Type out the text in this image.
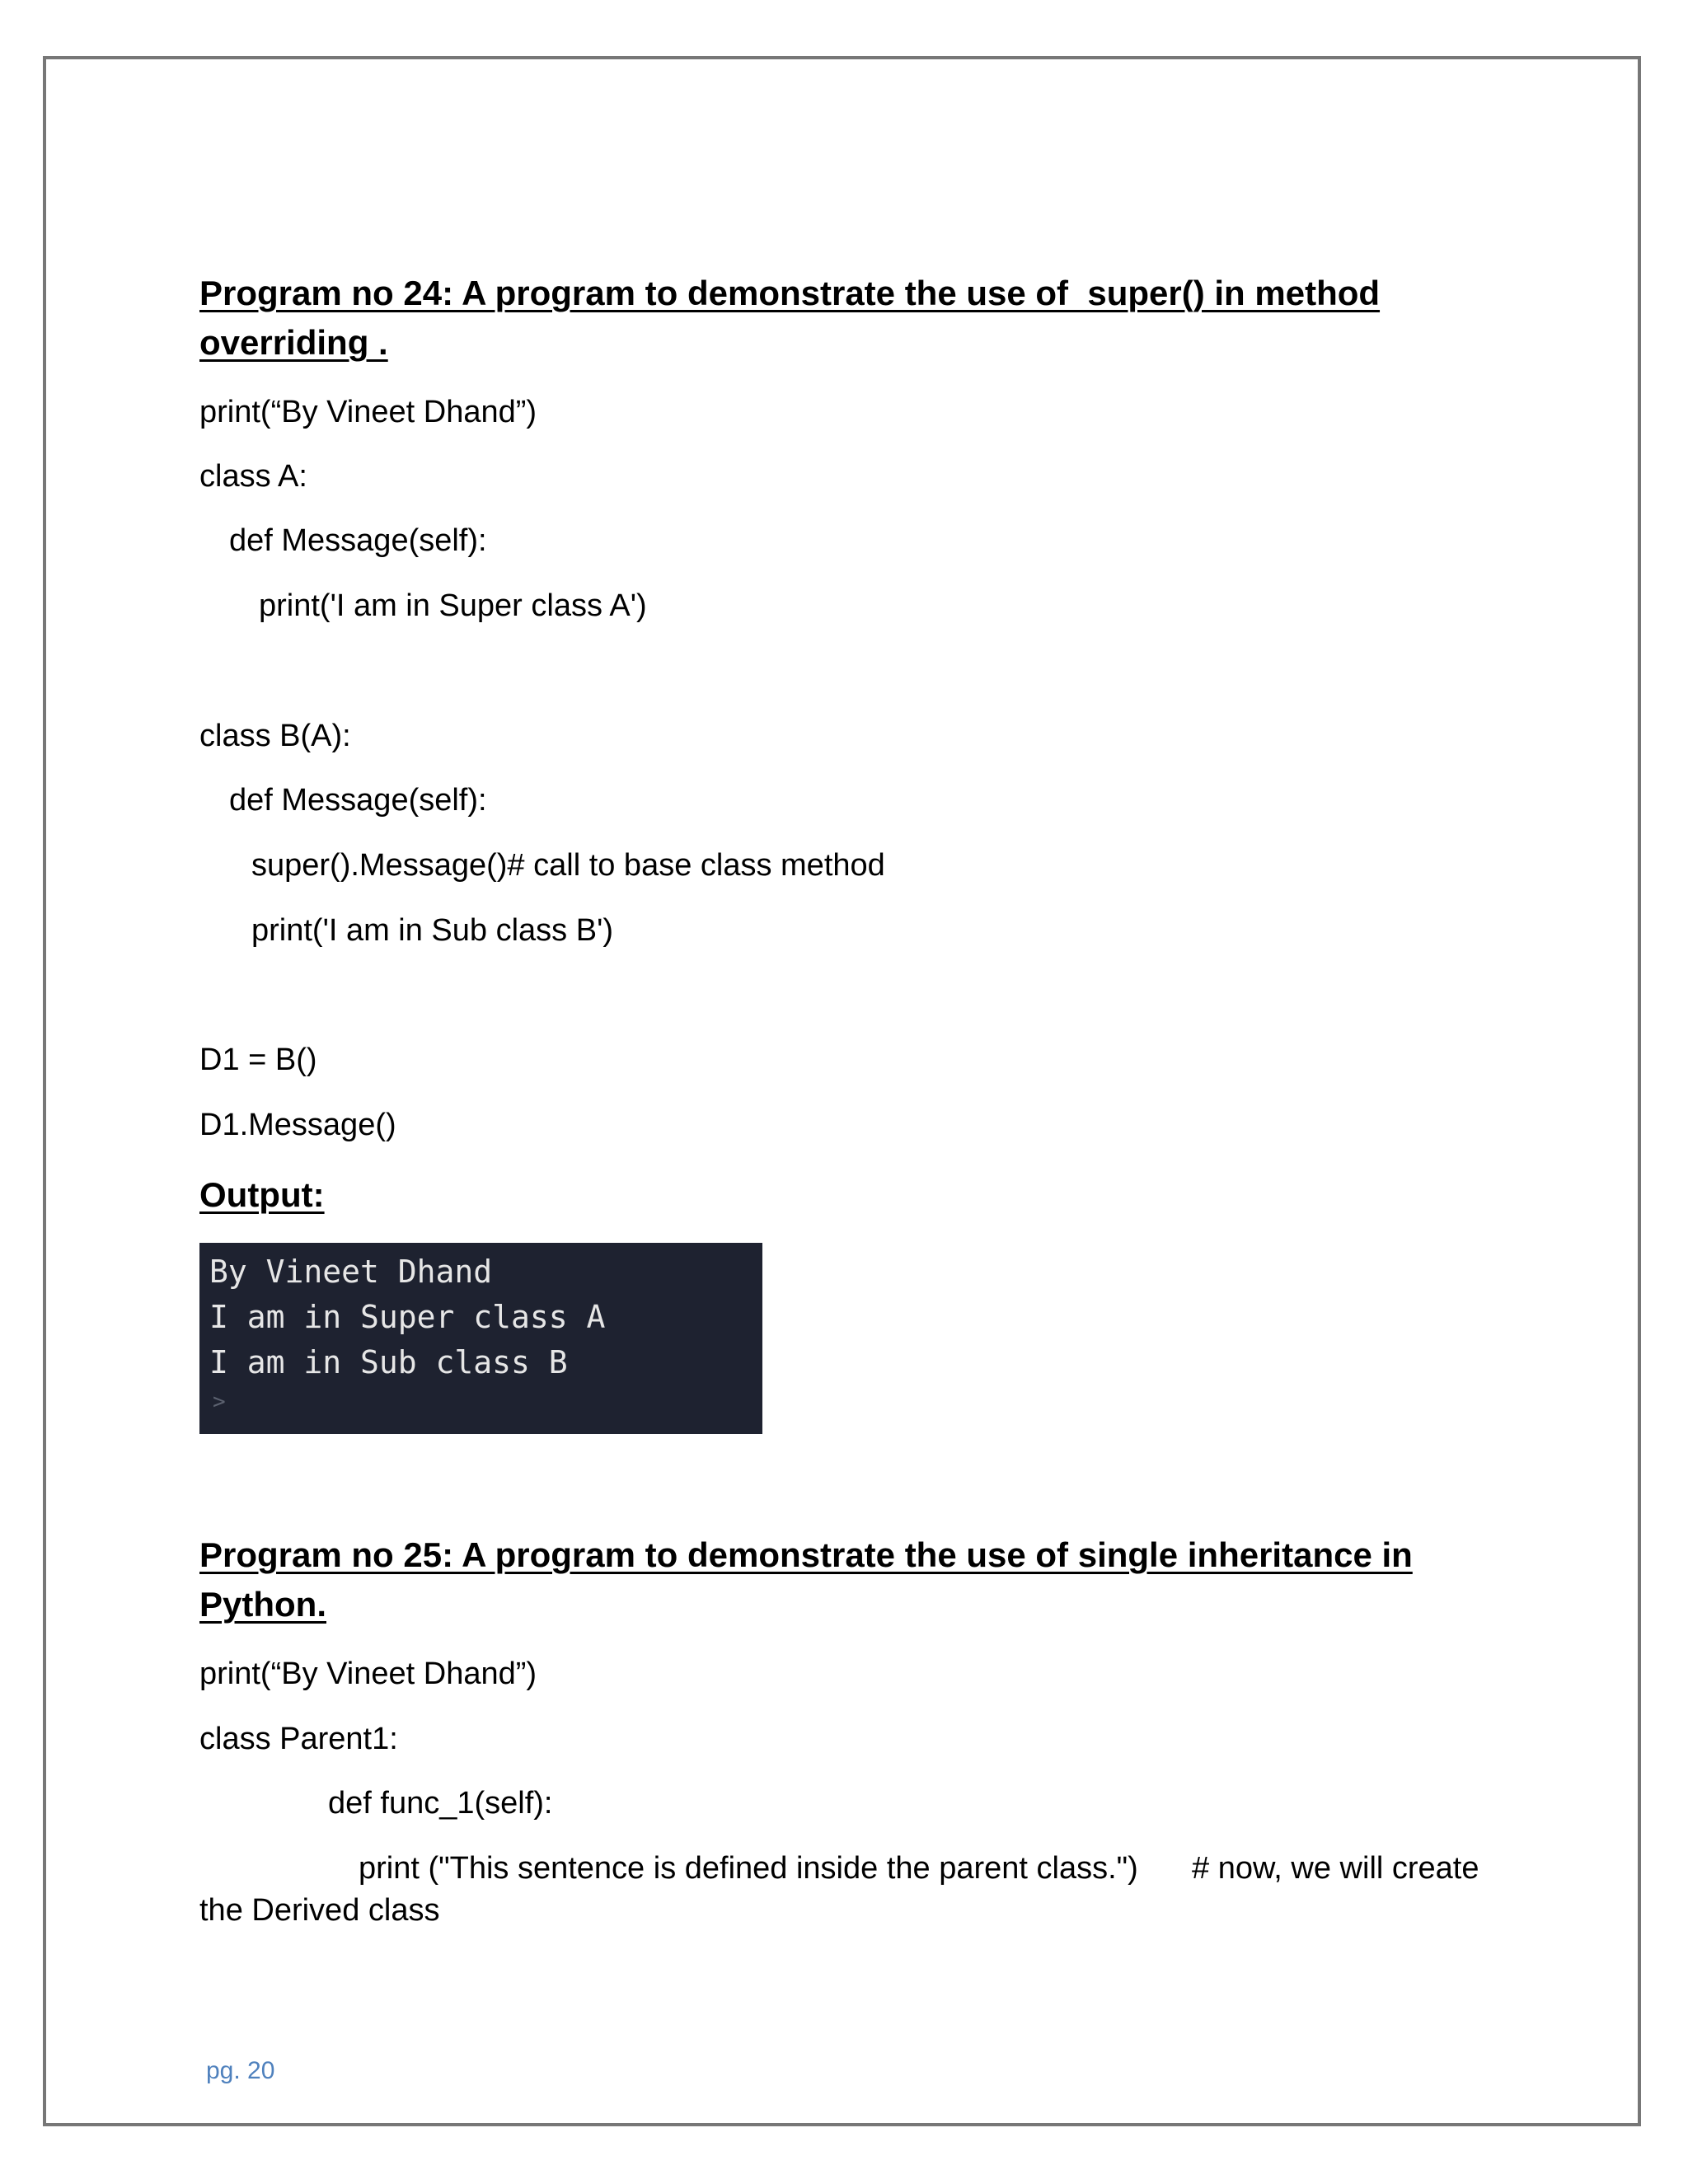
Program no 24: A program to demonstrate the use of  super() in method
overriding .
print(“By Vineet Dhand”)
class A:
def Message(self):
print('I am in Super class A')
class B(A):
def Message(self):
super().Message()# call to base class method
print('I am in Sub class B')
D1 = B()
D1.Message()
Output:
By Vineet Dhand
I am in Super class A
I am in Sub class B
>
Program no 25: A program to demonstrate the use of single inheritance in
Python.
print(“By Vineet Dhand”)
class Parent1:
def func_1(self):
print ("This sentence is defined inside the parent class.") # now, we will create
the Derived class
pg. 20
